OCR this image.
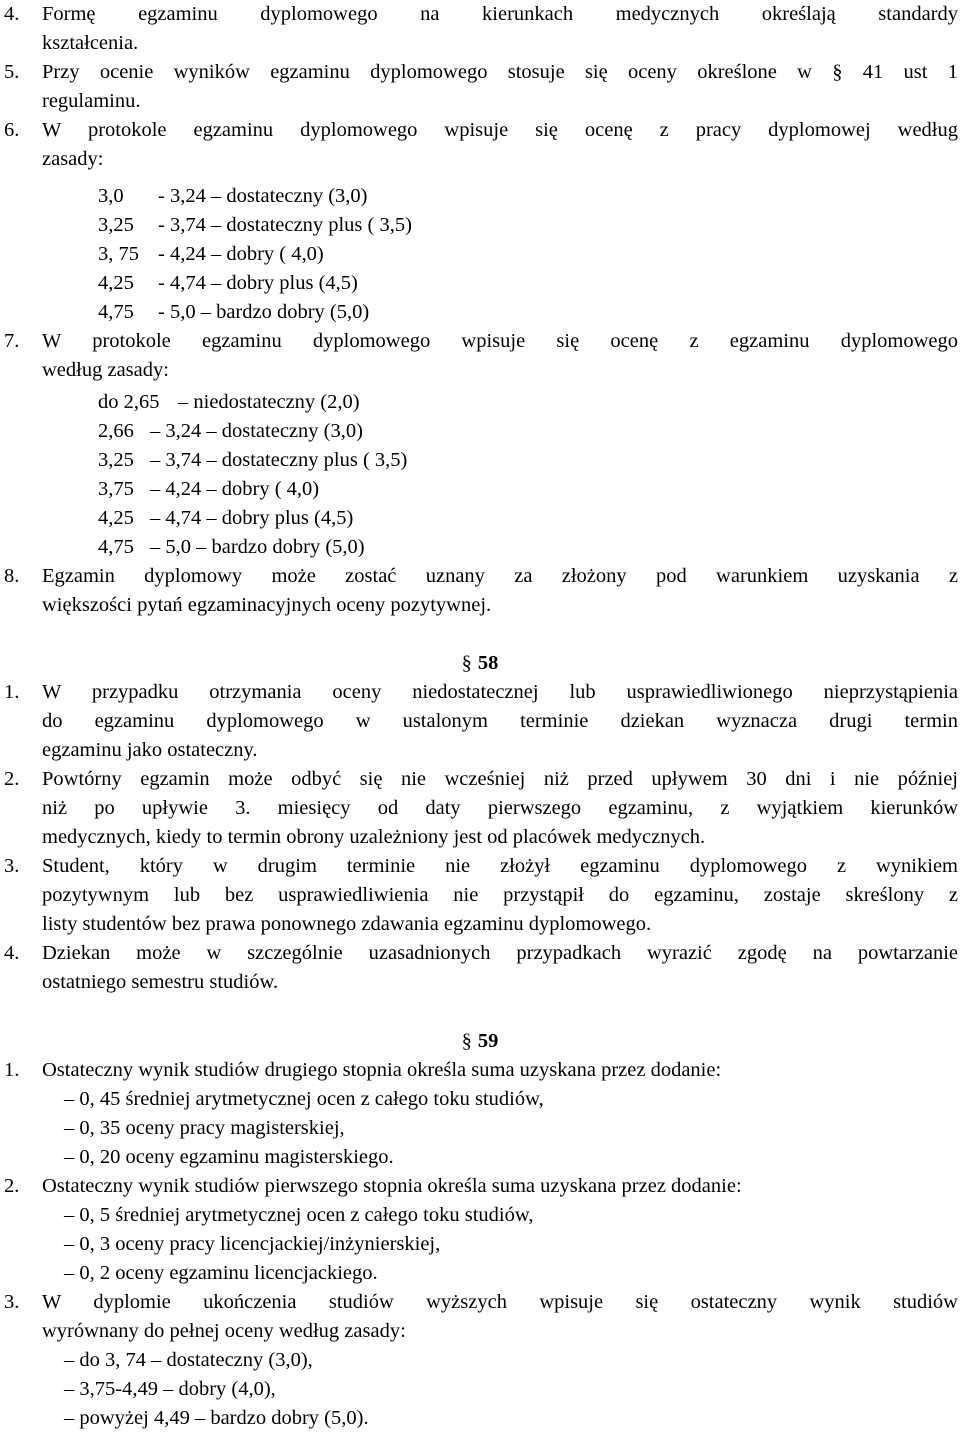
4. Formę egzaminu dyplomowego na kierunkach medycznych określają standardy
kształcenia.
5. Przy ocenie wyników egzaminu dyplomowego stosuje się oceny określone w § 41 ust 1
regulaminu.
6. W protokole egzaminu dyplomowego wpisuje się ocenę z pracy dyplomowej według
zasady:
3,0 - 3,24 – dostateczny (3,0)
3,25 - 3,74 – dostateczny plus ( 3,5)
3, 75 - 4,24 – dobry ( 4,0)
4,25 - 4,74 – dobry plus (4,5)
4,75 - 5,0 – bardzo dobry (5,0)
7. W protokole egzaminu dyplomowego wpisuje się ocenę z egzaminu dyplomowego
według zasady:
do 2,65 – niedostateczny (2,0)
2,66 – 3,24 – dostateczny (3,0)
3,25 – 3,74 – dostateczny plus ( 3,5)
3,75 – 4,24 – dobry ( 4,0)
4,25 – 4,74 – dobry plus (4,5)
4,75 – 5,0 – bardzo dobry (5,0)
8. Egzamin dyplomowy może zostać uznany za złożony pod warunkiem uzyskania z
większości pytań egzaminacyjnych oceny pozytywnej.
§ 58
1. W przypadku otrzymania oceny niedostatecznej lub usprawiedliwionego nieprzystąpienia
do egzaminu dyplomowego w ustalonym terminie dziekan wyznacza drugi termin
egzaminu jako ostateczny.
2. Powtórny egzamin może odbyć się nie wcześniej niż przed upływem 30 dni i nie później
niż po upływie 3. miesięcy od daty pierwszego egzaminu, z wyjątkiem kierunków
medycznych, kiedy to termin obrony uzależniony jest od placówek medycznych.
3. Student, który w drugim terminie nie złożył egzaminu dyplomowego z wynikiem
pozytywnym lub bez usprawiedliwienia nie przystąpił do egzaminu, zostaje skreślony z
listy studentów bez prawa ponownego zdawania egzaminu dyplomowego.
4. Dziekan może w szczególnie uzasadnionych przypadkach wyrazić zgodę na powtarzanie
ostatniego semestru studiów.
§ 59
1. Ostateczny wynik studiów drugiego stopnia określa suma uzyskana przez dodanie:
– 0, 45 średniej arytmetycznej ocen z całego toku studiów,
– 0, 35 oceny pracy magisterskiej,
– 0, 20 oceny egzaminu magisterskiego.
2. Ostateczny wynik studiów pierwszego stopnia określa suma uzyskana przez dodanie:
– 0, 5 średniej arytmetycznej ocen z całego toku studiów,
– 0, 3 oceny pracy licencjackiej/inżynierskiej,
– 0, 2 oceny egzaminu licencjackiego.
3. W dyplomie ukończenia studiów wyższych wpisuje się ostateczny wynik studiów
wyrównany do pełnej oceny według zasady:
– do 3, 74 – dostateczny (3,0),
– 3,75-4,49 – dobry (4,0),
– powyżej 4,49 – bardzo dobry (5,0).
